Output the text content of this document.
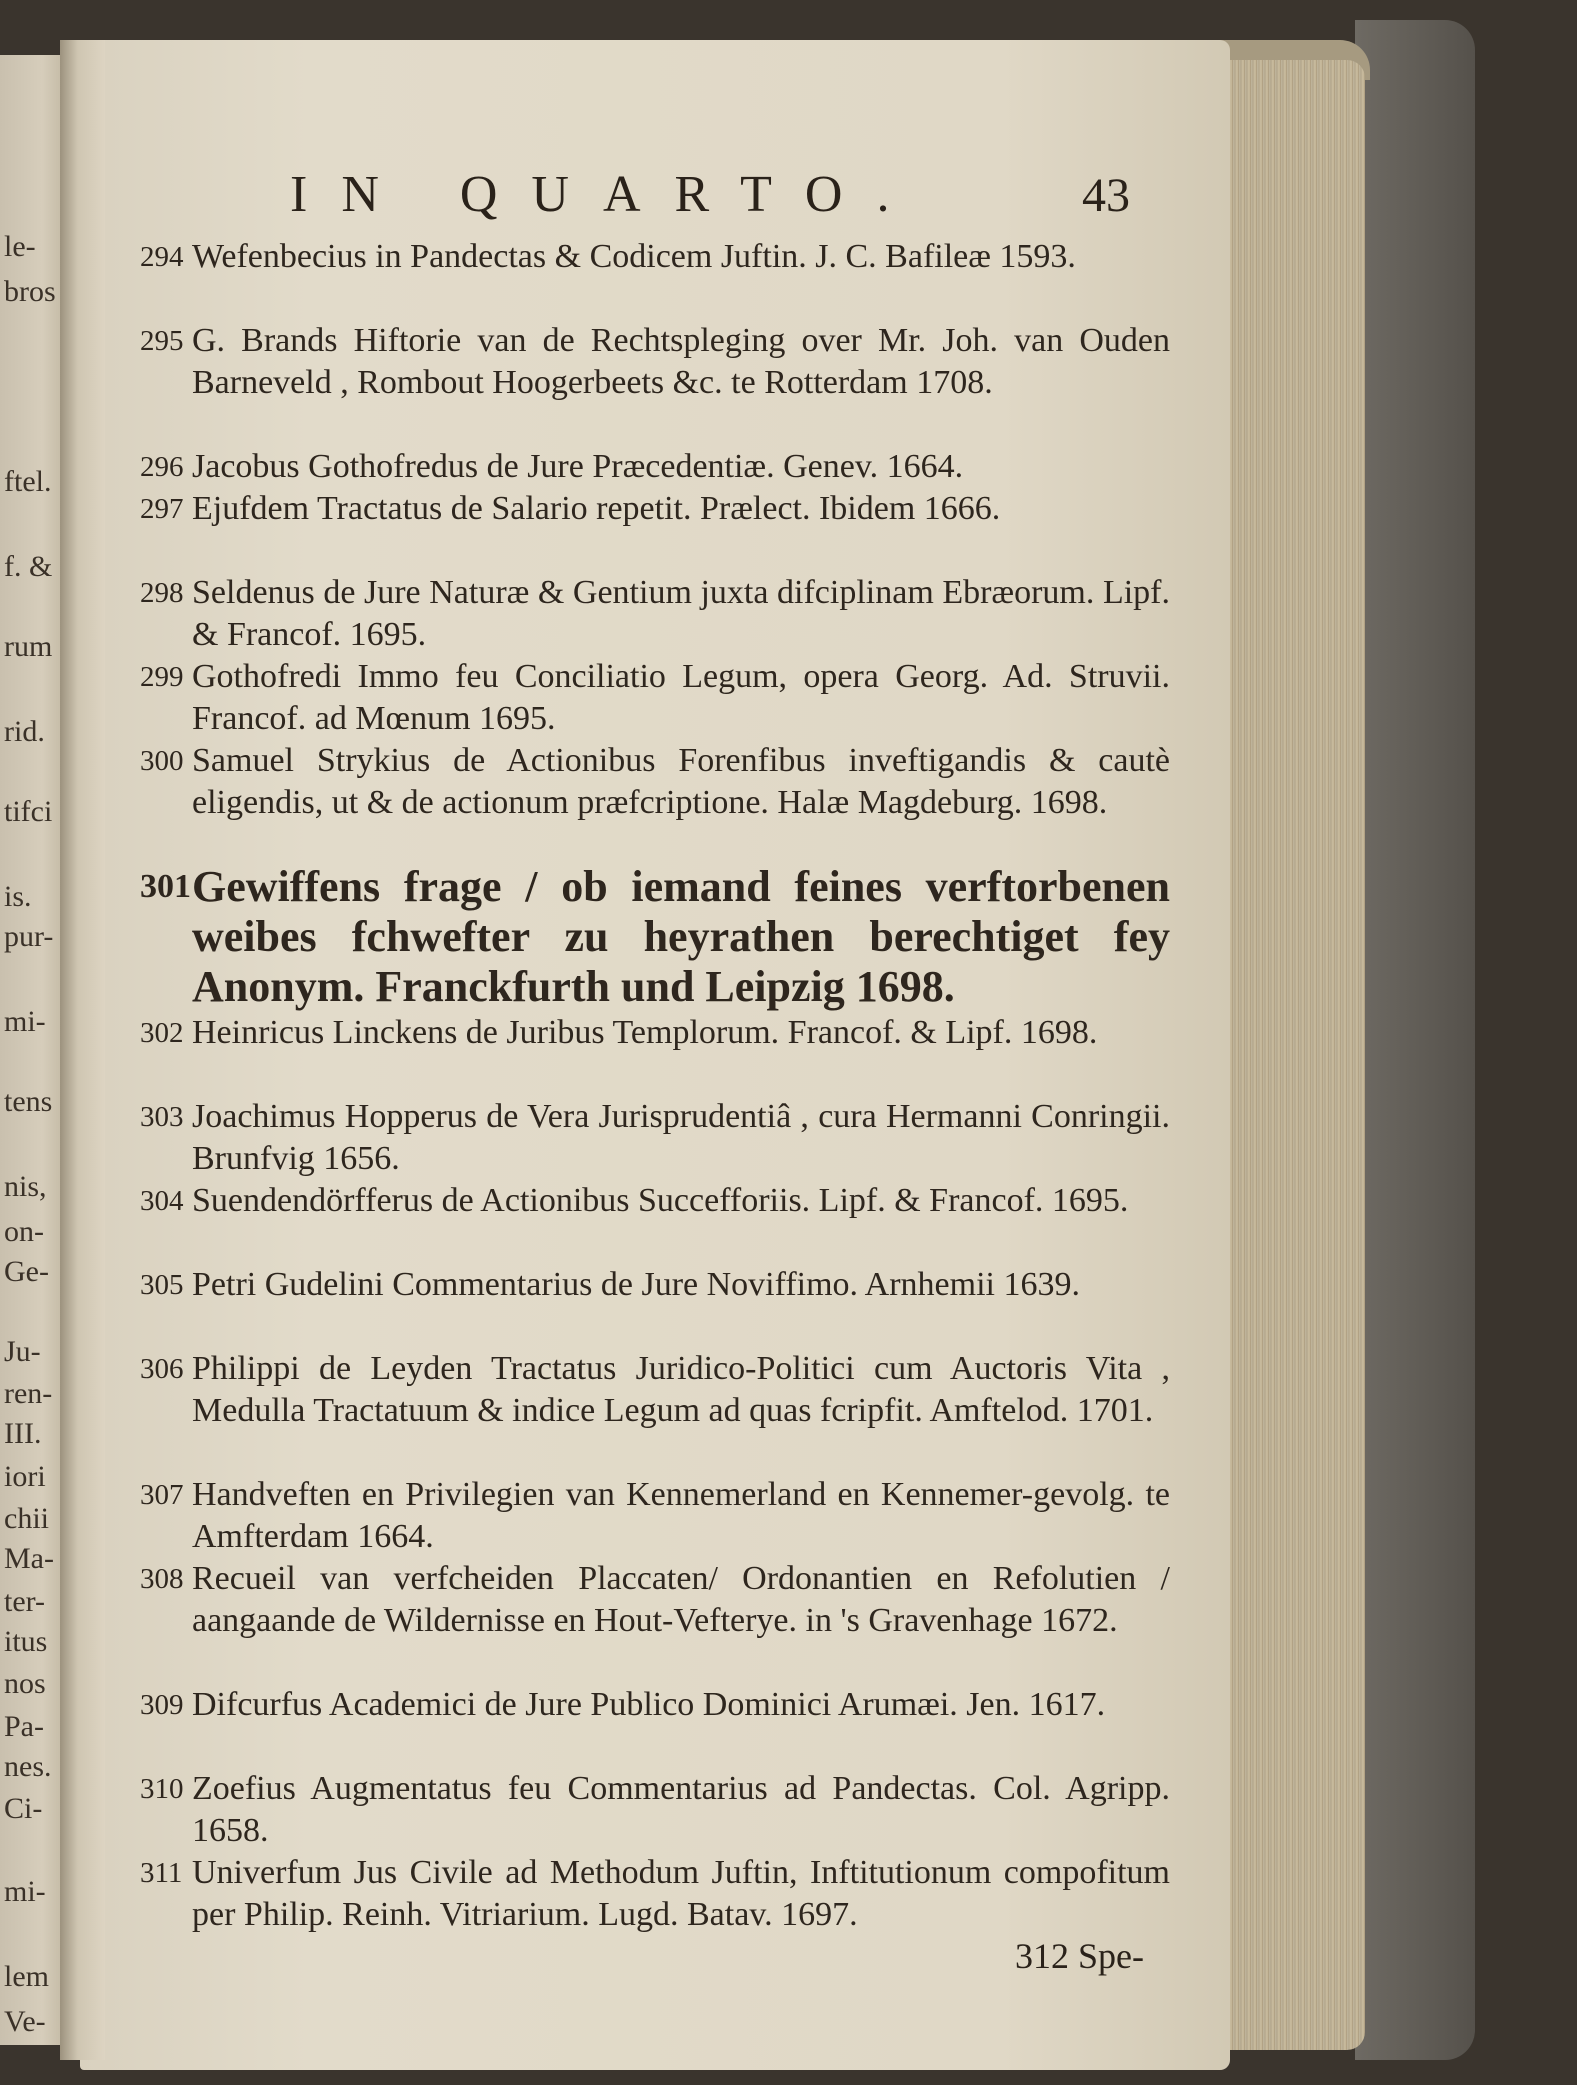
le-
bros
ftel.
f. &
rum
rid.
tifci
is.
pur-
mi-
tens
nis,
on-
Ge-
Ju-
ren-
III.
iori
chii
Ma-
ter-
itus
nos
Pa-
nes.
Ci-
mi-
lem
Ve-
IN QUARTO.	43
294 Wefenbecius in Pandectas & Codicem Juftin. J. C. Bafileæ 1593.
295 G. Brands Hiftorie van de Rechtspleging over Mr. Joh. van Ouden Barneveld , Rombout Hoogerbeets &c. te Rotterdam 1708.
296 Jacobus Gothofredus de Jure Præcedentiæ. Genev. 1664.
297 Ejufdem Tractatus de Salario repetit. Prælect. Ibidem 1666.
298 Seldenus de Jure Naturæ & Gentium juxta difciplinam Ebræorum. Lipf. & Francof. 1695.
299 Gothofredi Immo feu Conciliatio Legum, opera Georg. Ad. Struvii. Francof. ad Mœnum 1695.
300 Samuel Strykius de Actionibus Forenfibus inveftigandis & cautè eligendis, ut & de actionum præfcriptione. Halæ Magdeburg. 1698.
301 Gewiffens frage / ob iemand feines verftorbenen weibes fchwefter zu heyrathen berechtiget fey Anonym. Franckfurth und Leipzig 1698.
302 Heinricus Linckens de Juribus Templorum. Francof. & Lipf. 1698.
303 Joachimus Hopperus de Vera Jurisprudentiâ , cura Hermanni Conringii. Brunfvig 1656.
304 Suendendörfferus de Actionibus Succefforiis. Lipf. & Francof. 1695.
305 Petri Gudelini Commentarius de Jure Noviffimo. Arnhemii 1639.
306 Philippi de Leyden Tractatus Juridico-Politici cum Auctoris Vita , Medulla Tractatuum & indice Legum ad quas fcripfit. Amftelod. 1701.
307 Handveften en Privilegien van Kennemerland en Kennemer-gevolg. te Amfterdam 1664.
308 Recueil van verfcheiden Placcaten/ Ordonantien en Refolutien / aangaande de Wildernisse en Hout-Vefterye. in 's Gravenhage 1672.
309 Difcurfus Academici de Jure Publico Dominici Arumæi. Jen. 1617.
310 Zoefius Augmentatus feu Commentarius ad Pandectas. Col. Agripp. 1658.
311 Univerfum Jus Civile ad Methodum Juftin, Inftitutionum compofitum per Philip. Reinh. Vitriarium. Lugd. Batav. 1697.
312 Spe-
